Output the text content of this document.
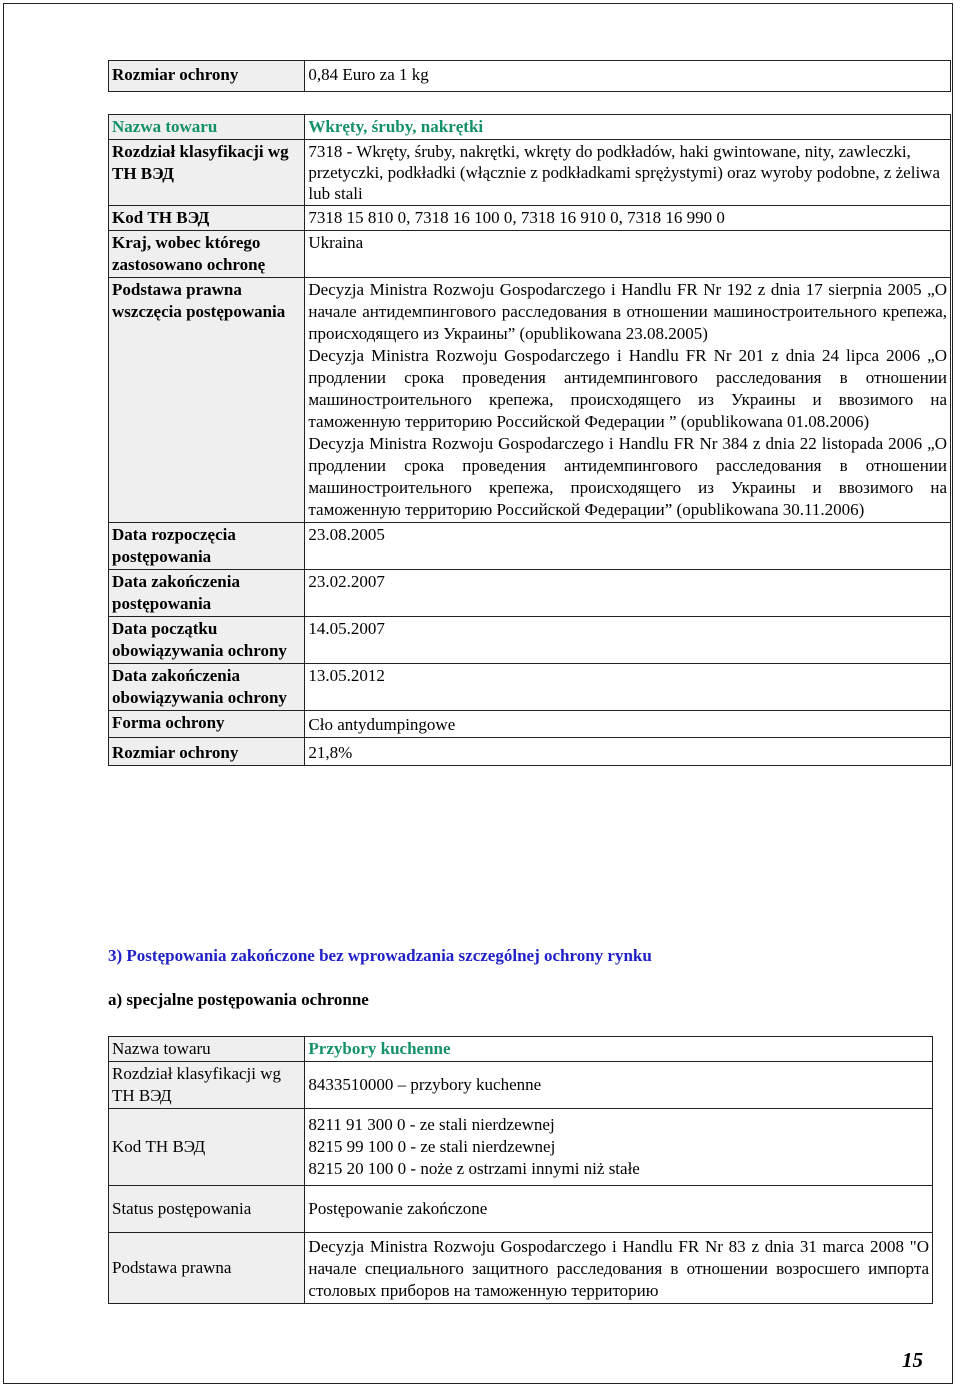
Rozmiar ochrony	0,84 Euro za 1 kg
Nazwa towaru	Wkręty, śruby, nakrętki
Rozdział klasyfikacji wg ТН ВЭД	7318 - Wkręty, śruby, nakrętki, wkręty do podkładów, haki gwintowane, nity, zawleczki, przetyczki, podkładki (włącznie z podkładkami sprężystymi) oraz wyroby podobne, z żeliwa lub stali
Kod ТН ВЭД	7318 15 810 0, 7318 16 100 0, 7318 16 910 0, 7318 16 990 0
Kraj, wobec którego zastosowano ochronę	Ukraina
Podstawa prawna wszczęcia postępowania	Decyzja Ministra Rozwoju Gospodarczego i Handlu FR Nr 192 z dnia 17 sierpnia 2005 „О начале антидемпингового расследования в отношении машиностроительного крепежа, происходящего из Украины” (opublikowana 23.08.2005)
Decyzja Ministra Rozwoju Gospodarczego i Handlu FR Nr 201 z dnia 24 lipca 2006 „О продлении срока проведения антидемпингового расследования в отношении машиностроительного крепежа, происходящего из Украины и ввозимого на таможенную территорию Российской Федерации ” (opublikowana 01.08.2006)
Decyzja Ministra Rozwoju Gospodarczego i Handlu FR Nr 384 z dnia 22 listopada 2006 „О продлении срока проведения антидемпингового расследования в отношении машиностроительного крепежа, происходящего из Украины и ввозимого на таможенную территорию Российской Федерации” (opublikowana 30.11.2006)

Data rozpoczęcia postępowania	23.08.2005
Data zakończenia postępowania	23.02.2007
Data początku obowiązywania ochrony	14.05.2007
Data zakończenia obowiązywania ochrony	13.05.2012
Forma ochrony	Cło antydumpingowe
Rozmiar ochrony	21,8%
3) Postępowania zakończone bez wprowadzania szczególnej ochrony rynku
a) specjalne postępowania ochronne
Nazwa towaru	Przybory kuchenne
Rozdział klasyfikacji wg ТН ВЭД	8433510000 – przybory kuchenne
Kod ТН ВЭД	8211 91 300 0 - ze stali nierdzewnej
8215 99 100 0 - ze stali nierdzewnej
8215 20 100 0 - noże z ostrzami innymi niż stałe

Status postępowania	Postępowanie zakończone
Podstawa prawna	Decyzja Ministra Rozwoju Gospodarczego i Handlu FR Nr 83 z dnia 31 marca 2008 "О начале специального защитного расследования в отношении возросшего импорта столовых приборов на таможенную территорию
15
